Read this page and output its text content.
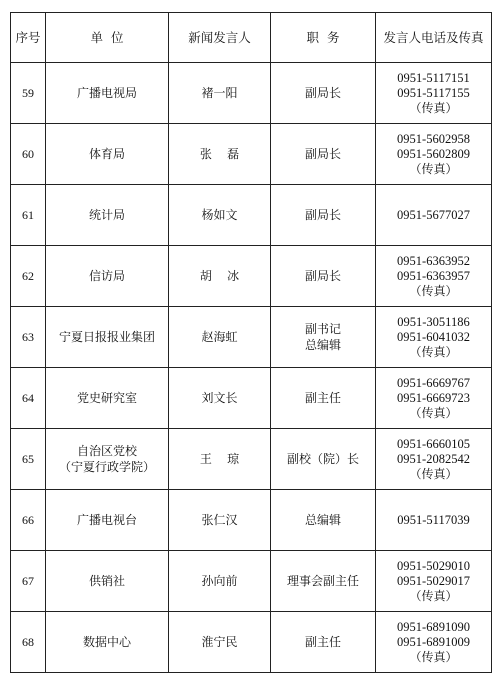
序号	单  位	新闻发言人	职  务	发言人电话及传真
59	广播电视局	褚一阳	副局长	0951-5117151
0951-5117155
（传真）

60	体育局	张    磊	副局长	0951-5602958
0951-5602809
（传真）

61	统计局	杨如文	副局长	0951-5677027

62	信访局	胡    冰	副局长	0951-6363952
0951-6363957
（传真）

63	宁夏日报报业集团	赵海虹	副书记
总编辑	0951-3051186
0951-6041032
（传真）

64	党史研究室	刘文长	副主任	0951-6669767
0951-6669723
（传真）

65	自治区党校
（宁夏行政学院）	王    琼	副校（院）长	0951-6660105
0951-2082542
（传真）

66	广播电视台	张仁汉	总编辑	0951-5117039

67	供销社	孙向前	理事会副主任	0951-5029010
0951-5029017
（传真）

68	数据中心	淮宁民	副主任	0951-6891090
0951-6891009
（传真）
